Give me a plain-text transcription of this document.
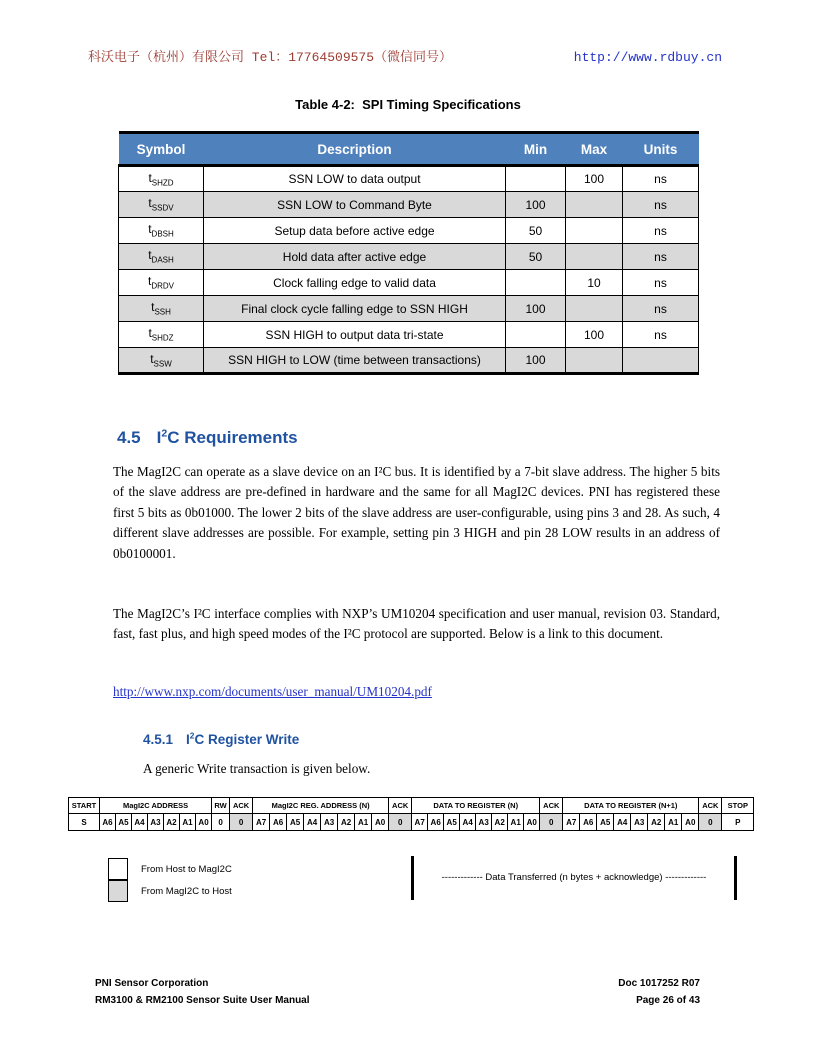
科沃电子（杭州）有限公司 Tel：17764509575（微信同号）	http://www.rdbuy.cn
Table 4-2:  SPI Timing Specifications
Symbol	Description	Min	Max	Units
$t_{SHZD}$	SSN LOW to data output		100	ns
$t_{SSDV}$	SSN LOW to Command Byte	100		ns
$t_{DBSH}$	Setup data before active edge	50		ns
$t_{DASH}$	Hold data after active edge	50		ns
$t_{DRDV}$	Clock falling edge to valid data		10	ns
$t_{SSH}$	Final clock cycle falling edge to SSN HIGH	100		ns
$t_{SHDZ}$	SSN HIGH to output data tri-state		100	ns
$t_{SSW}$	SSN HIGH to LOW (time between transactions)	100		
4.5 $I^2C$ Requirements

The MagI2C can operate as a slave device on an I²C bus. It is identified by a 7-bit slave address. The higher 5 bits of the slave address are pre-defined in hardware and the same for all MagI2C devices. PNI has registered these first 5 bits as 0b01000. The lower 2 bits of the slave address are user-configurable, using pins 3 and 28. As such, 4 different slave addresses are possible. For example, setting pin 3 HIGH and pin 28 LOW results in an address of 0b0100001.

The MagI2C’s I²C interface complies with NXP’s UM10204 specification and user manual, revision 03. Standard, fast, fast plus, and high speed modes of the I²C protocol are supported. Below is a link to this document.

http://www.nxp.com/documents/user_manual/UM10204.pdf
4.5.1 $I^2C$ Register Write

A generic Write transaction is given below.

START	MagI2C ADDRESS							RW	ACK	MagI2C REG. ADDRESS (N)								ACK	DATA TO REGISTER (N)								ACK	DATA TO REGISTER (N+1)								ACK	STOP
S	A6	A5	A4	A3	A2	A1	A0	0	0	A7	A6	A5	A4	A3	A2	A1	A0	0	A7	A6	A5	A4	A3	A2	A1	A0	0	A7	A6	A5	A4	A3	A2	A1	A0	0	P
From Host to MagI2C
From MagI2C to Host
------------- Data Transferred (n bytes + acknowledge) -------------
PNI Sensor Corporation
RM3100 & RM2100 Sensor Suite User Manual
Doc 1017252 R07
Page 26 of 43
